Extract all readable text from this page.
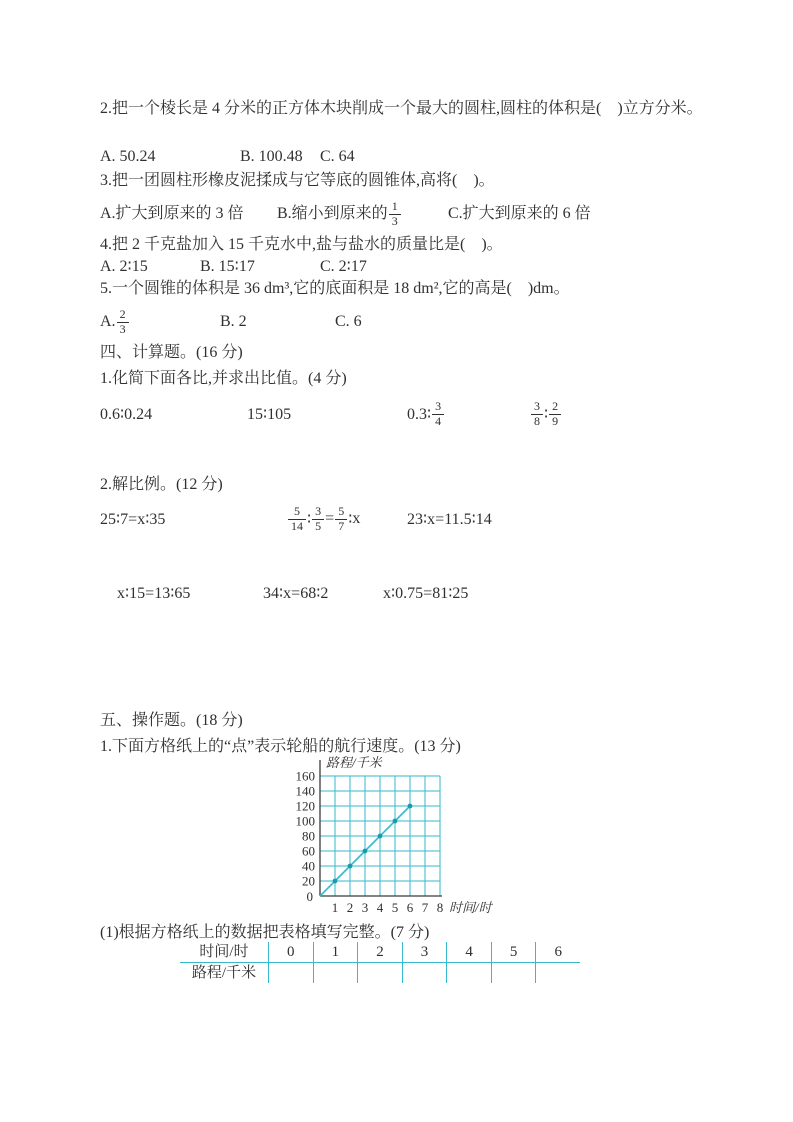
2.把一个棱长是 4 分米的正方体木块削成一个最大的圆柱,圆柱的体积是(    )立方分米。

A. 50.24	B. 100.48	C. 64

3.把一团圆柱形橡皮泥揉成与它等底的圆锥体,高将(    )。

A.扩大到原来的 3 倍	B.缩小到原来的 $\frac{1}{3}$	C.扩大到原来的 6 倍

4.把 2 千克盐加入 15 千克水中,盐与盐水的质量比是(    )。

A. 2∶15	B. 15∶17	C. 2∶17

5.一个圆锥的体积是 36 dm³,它的底面积是 18 dm²,它的高是(    )dm。

A. $\frac{2}{3}$	B. 2	C. 6

四、计算题。(16 分)

1.化简下面各比,并求出比值。(4 分)

0.6∶0.24	15∶105	0.3∶ $\frac{3}{4}$	$\frac{3}{8}$ ∶ $\frac{2}{9}$

2.解比例。(12 分)

25∶7=x∶35	$\frac{5}{14}$ ∶ $\frac{3}{5} = \frac{5}{7}$ ∶ x	23∶x=11.5∶14
x∶15=13∶65	34∶x=68∶2	x∶0.75=81∶25

五、操作题。(18 分)

1.下面方格纸上的“点”表示轮船的航行速度。(13 分)

160
140
120
100
80
60
40
20
0
1 2 3 4 5 6 7 8
路程/千米
时间/时

(1)根据方格纸上的数据把表格填写完整。(7 分)

时间/时	0	1	2	3	4	5	6
路程/千米
